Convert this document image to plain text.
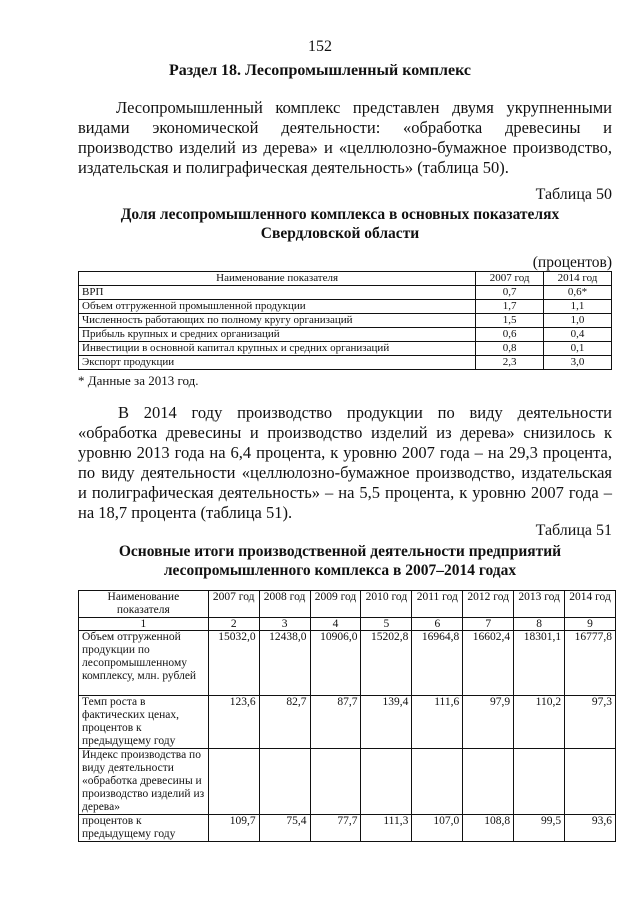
152
Раздел 18. Лесопромышленный комплекс
Лесопромышленный комплекс представлен двумя укрупненными видами экономической деятельности: «обработка древесины и производство изделий из дерева» и «целлюлозно-бумажное производство, издательская и полиграфическая деятельность» (таблица 50).
Таблица 50
Доля лесопромышленного комплекса в основных показателях Свердловской области
(процентов)
Наименование показателя	2007 год	2014 год
ВРП	0,7	0,6*
Объем отгруженной промышленной продукции	1,7	1,1
Численность работающих по полному кругу организаций	1,5	1,0
Прибыль крупных и средних организаций	0,6	0,4
Инвестиции в основной капитал крупных и средних организаций	0,8	0,1
Экспорт продукции	2,3	3,0
* Данные за 2013 год.
В 2014 году производство продукции по виду деятельности «обработка древесины и производство изделий из дерева» снизилось к уровню 2013 года на 6,4 процента, к уровню 2007 года – на 29,3 процента, по виду деятельности «целлюлозно-бумажное производство, издательская и полиграфическая деятельность» – на 5,5 процента, к уровню 2007 года – на 18,7 процента (таблица 51).
Таблица 51
Основные итоги производственной деятельности предприятий лесопромышленного комплекса в 2007–2014 годах
Наименование показателя	2007 год	2008 год	2009 год	2010 год	2011 год	2012 год	2013 год	2014 год
1	2	3	4	5	6	7	8	9
Объем отгруженной продукции по лесопромышленному комплексу, млн. рублей	15032,0	12438,0	10906,0	15202,8	16964,8	16602,4	18301,1	16777,8
Темп роста в фактических ценах, процентов к предыдущему году	123,6	82,7	87,7	139,4	111,6	97,9	110,2	97,3
Индекс производства по виду деятельности «обработка древесины и производство изделий из дерева»								
процентов к предыдущему году	109,7	75,4	77,7	111,3	107,0	108,8	99,5	93,6
